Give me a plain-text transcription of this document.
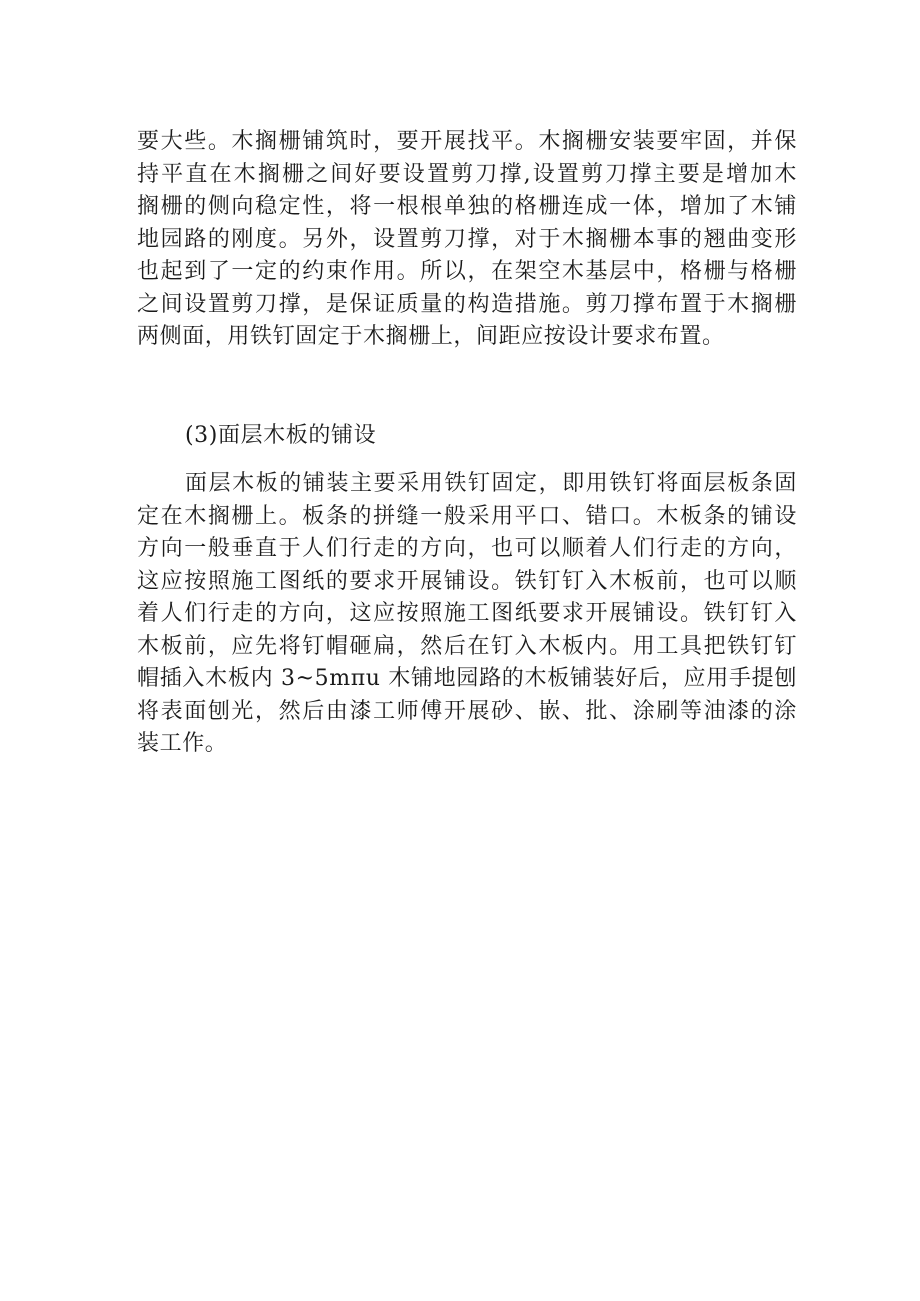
要大些。木搁栅铺筑时，要开展找平。木搁栅安装要牢固，并保
持平直在木搁栅之间好要设置剪刀撑,设置剪刀撑主要是增加木
搁栅的侧向稳定性，将一根根单独的格栅连成一体，增加了木铺
地园路的刚度。另外，设置剪刀撑，对于木搁栅本事的翘曲变形
也起到了一定的约束作用。所以，在架空木基层中，格栅与格栅
之间设置剪刀撑，是保证质量的构造措施。剪刀撑布置于木搁栅
两侧面，用铁钉固定于木搁栅上，间距应按设计要求布置。
(3)面层木板的铺设
面层木板的铺装主要采用铁钉固定，即用铁钉将面层板条固
定在木搁栅上。板条的拼缝一般采用平口、错口。木板条的铺设
方向一般垂直于人们行走的方向，也可以顺着人们行走的方向，
这应按照施工图纸的要求开展铺设。铁钉钉入木板前，也可以顺
着人们行走的方向，这应按照施工图纸要求开展铺设。铁钉钉入
木板前，应先将钉帽砸扁，然后在钉入木板内。用工具把铁钉钉
帽插入木板内 3~5mπu 木铺地园路的木板铺装好后，应用手提刨
将表面刨光，然后由漆工师傅开展砂、嵌、批、涂刷等油漆的涂
装工作。
